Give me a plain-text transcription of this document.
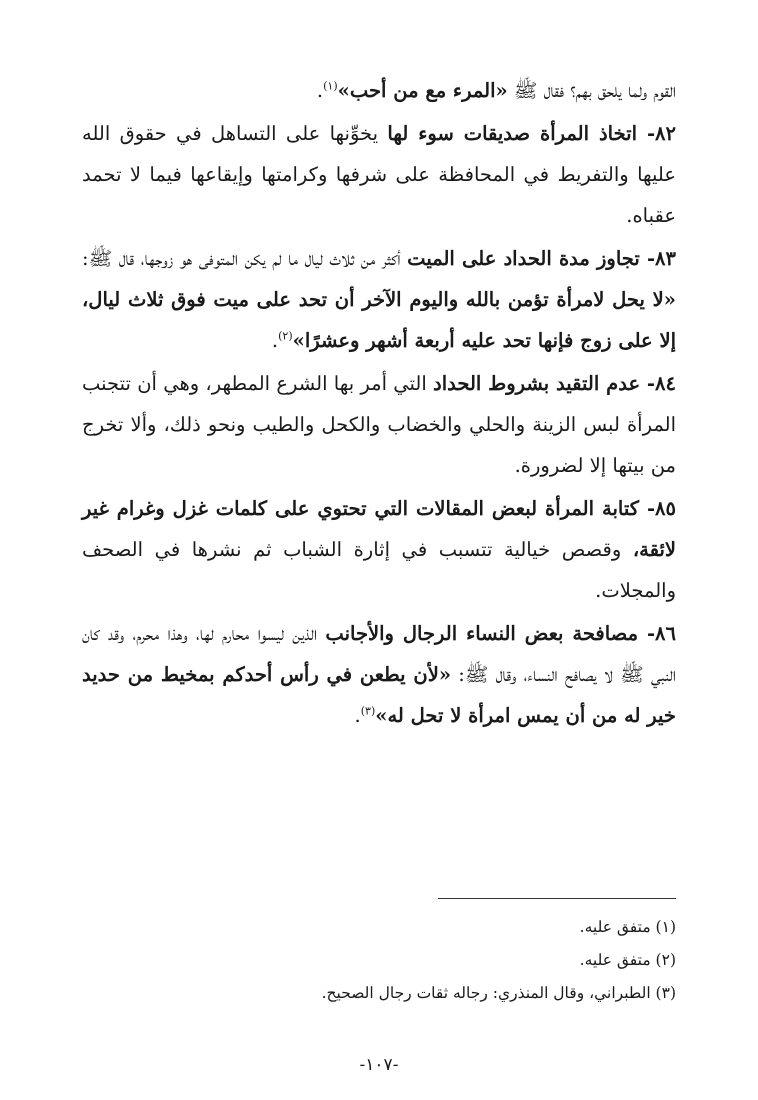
القوم ولما يلحق بهم؟ فقال ﷺ «المرء مع من أحب»$^{(١)}$.

٨٢- اتخاذ المرأة صديقات سوء لها يخوِّنها على التساهل في حقوق الله عليها والتفريط في المحافظة على شرفها وكرامتها وإيقاعها فيما لا تحمد عقباه.

٨٣- تجاوز مدة الحداد على الميت أكثر من ثلاث ليال ما لم يكن المتوفى هو زوجها، قال ﷺ: «لا يحل لامرأة تؤمن بالله واليوم الآخر أن تحد على ميت فوق ثلاث ليال، إلا على زوج فإنها تحد عليه أربعة أشهر وعشرًا»$^{(٢)}$.

٨٤- عدم التقيد بشروط الحداد التي أمر بها الشرع المطهر، وهي أن تتجنب المرأة لبس الزينة والحلي والخضاب والكحل والطيب ونحو ذلك، وألا تخرج من بيتها إلا لضرورة.

٨٥- كتابة المرأة لبعض المقالات التي تحتوي على كلمات غزل وغرام غير لائقة، وقصص خيالية تتسبب في إثارة الشباب ثم نشرها في الصحف والمجلات.

٨٦- مصافحة بعض النساء الرجال والأجانب الذين ليسوا محارم لها، وهذا محرم، وقد كان النبي ﷺ لا يصافح النساء، وقال ﷺ: «لأن يطعن في رأس أحدكم بمخيط من حديد خير له من أن يمس امرأة لا تحل له»$^{(٣)}$.

(١) متفق عليه.
(٢) متفق عليه.
(٣) الطبراني، وقال المنذري: رجاله ثقات رجال الصحيح.
-١٠٧-
